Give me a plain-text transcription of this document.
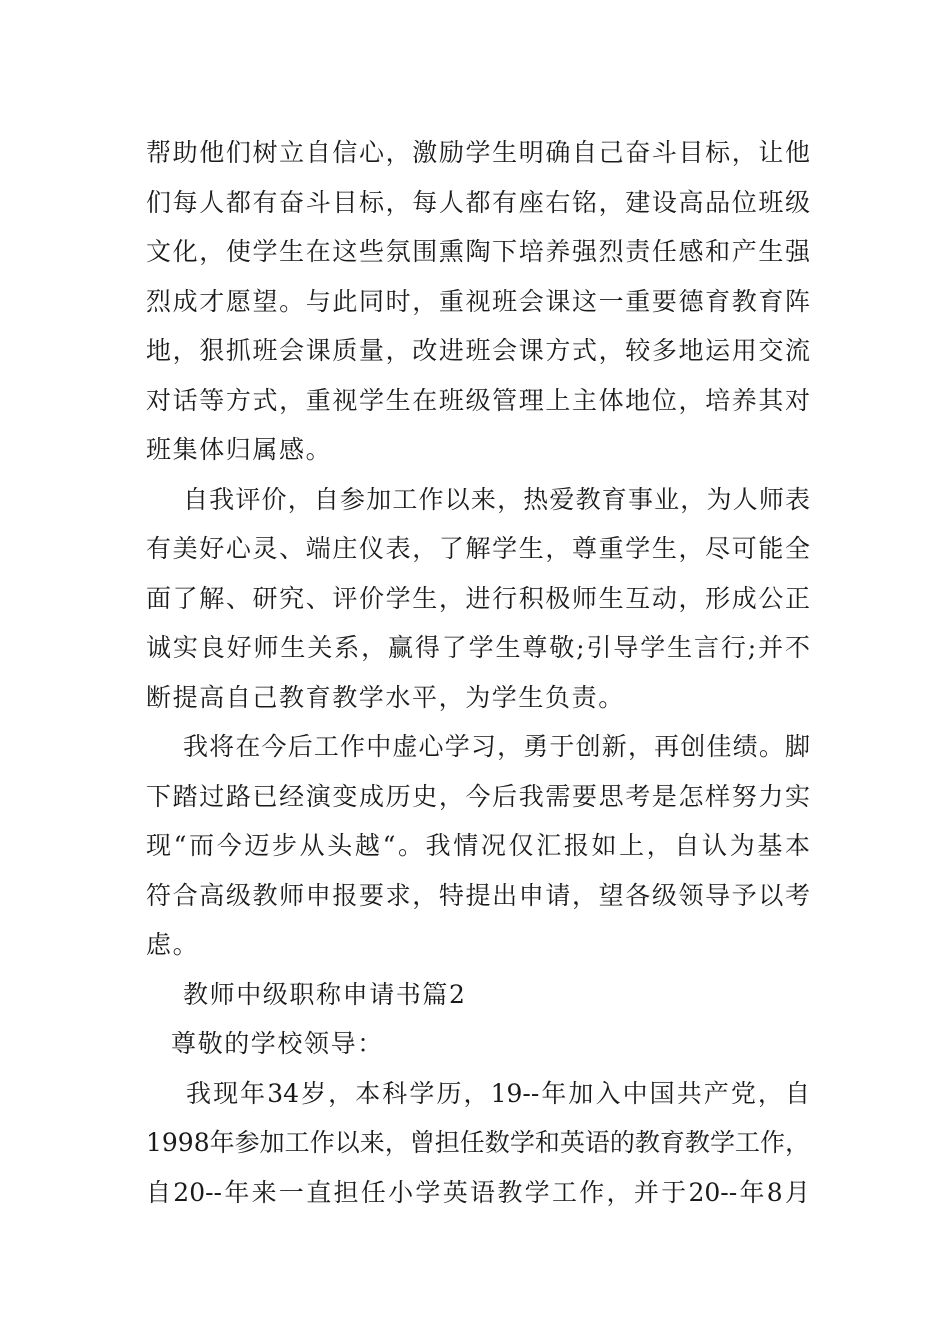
帮助他们树立自信心，激励学生明确自己奋斗目标，让他
们每人都有奋斗目标，每人都有座右铭，建设高品位班级
文化，使学生在这些氛围熏陶下培养强烈责任感和产生强
烈成才愿望。与此同时，重视班会课这一重要德育教育阵
地，狠抓班会课质量，改进班会课方式，较多地运用交流
对话等方式，重视学生在班级管理上主体地位，培养其对
班集体归属感。
自我评价，自参加工作以来，热爱教育事业，为人师表
有美好心灵、端庄仪表，了解学生，尊重学生，尽可能全
面了解、研究、评价学生，进行积极师生互动，形成公正
诚实良好师生关系，赢得了学生尊敬;引导学生言行;并不
断提高自己教育教学水平，为学生负责。
我将在今后工作中虚心学习，勇于创新，再创佳绩。脚
下踏过路已经演变成历史，今后我需要思考是怎样努力实
现“而今迈步从头越“。我情况仅汇报如上，自认为基本
符合高级教师申报要求，特提出申请，望各级领导予以考
虑。
教师中级职称申请书篇2
尊敬的学校领导：
我现年34岁，本科学历，19--年加入中国共产党，自
1998年参加工作以来，曾担任数学和英语的教育教学工作，
自20--年来一直担任小学英语教学工作，并于20--年8月
